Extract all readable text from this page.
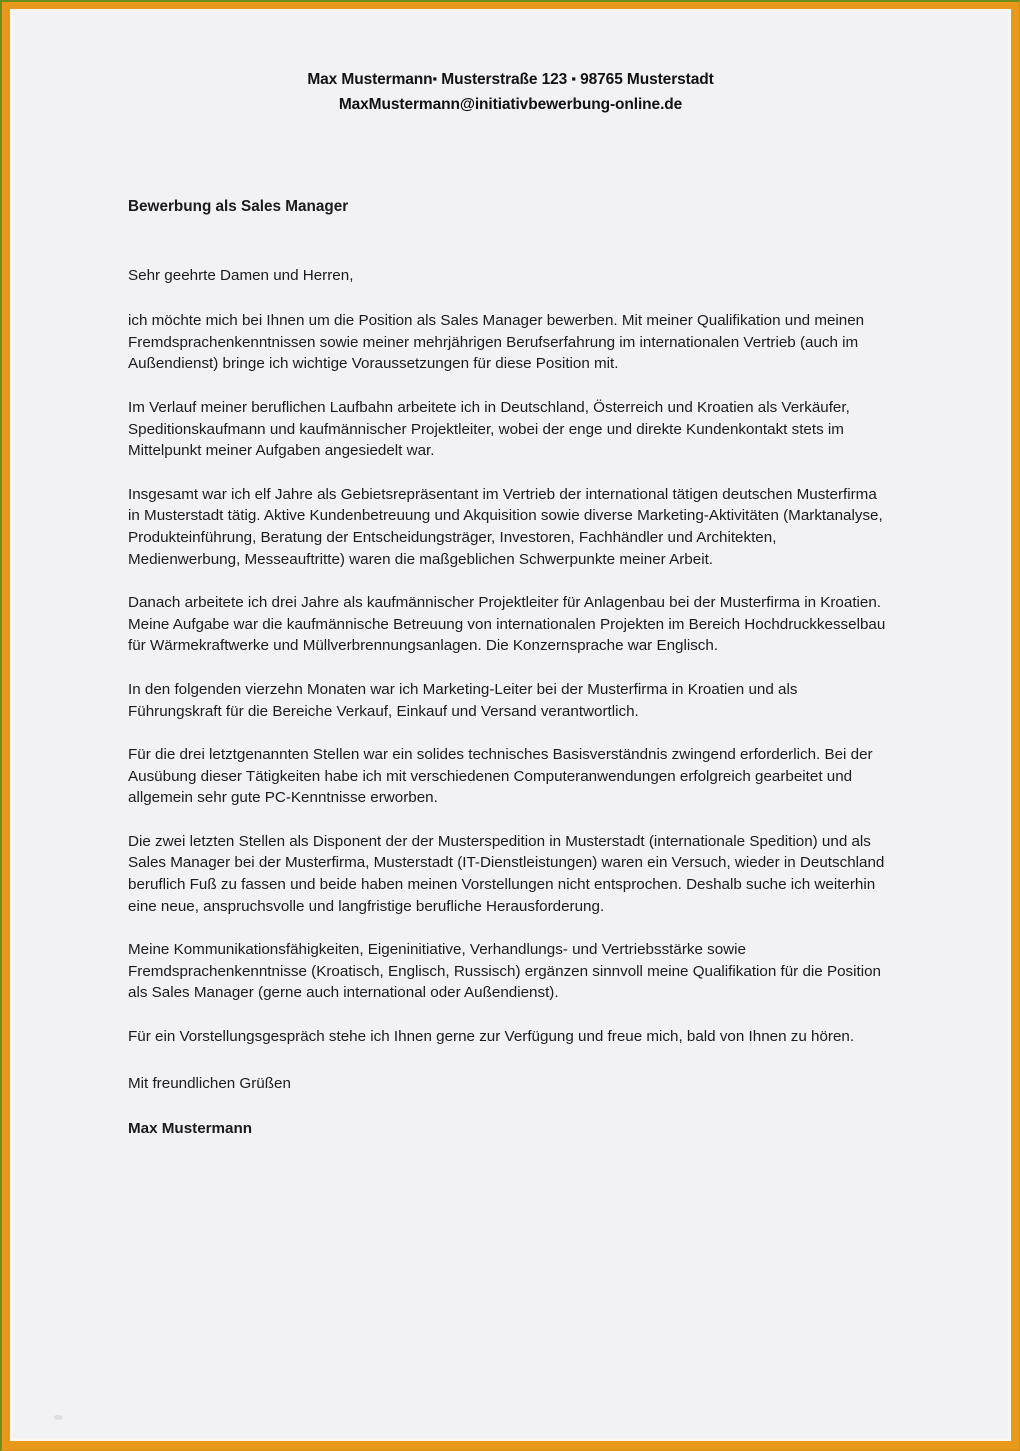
Max Mustermann▪ Musterstraße 123 ▪ 98765 Musterstadt
MaxMustermann@initiativbewerbung-online.de
Bewerbung als Sales Manager
Sehr geehrte Damen und Herren,

ich möchte mich bei Ihnen um die Position als Sales Manager bewerben. Mit meiner Qualifikation und meinen Fremdsprachenkenntnissen sowie meiner mehrjährigen Berufserfahrung im internationalen Vertrieb (auch im Außendienst) bringe ich wichtige Voraussetzungen für diese Position mit.

Im Verlauf meiner beruflichen Laufbahn arbeitete ich in Deutschland, Österreich und Kroatien als Verkäufer, Speditionskaufmann und kaufmännischer Projektleiter, wobei der enge und direkte Kundenkontakt stets im Mittelpunkt meiner Aufgaben angesiedelt war.

Insgesamt war ich elf Jahre als Gebietsrepräsentant im Vertrieb der international tätigen deutschen Musterfirma in Musterstadt tätig. Aktive Kundenbetreuung und Akquisition sowie diverse Marketing-Aktivitäten (Marktanalyse, Produkteinführung, Beratung der Entscheidungsträger, Investoren, Fachhändler und Architekten, Medienwerbung, Messeauftritte) waren die maßgeblichen Schwerpunkte meiner Arbeit.

Danach arbeitete ich drei Jahre als kaufmännischer Projektleiter für Anlagenbau bei der Musterfirma in Kroatien. Meine Aufgabe war die kaufmännische Betreuung von internationalen Projekten im Bereich Hochdruckkesselbau für Wärmekraftwerke und Müllverbrennungsanlagen. Die Konzernsprache war Englisch.

In den folgenden vierzehn Monaten war ich Marketing-Leiter bei der Musterfirma in Kroatien und als Führungskraft für die Bereiche Verkauf, Einkauf und Versand verantwortlich.

Für die drei letztgenannten Stellen war ein solides technisches Basisverständnis zwingend erforderlich. Bei der Ausübung dieser Tätigkeiten habe ich mit verschiedenen Computeranwendungen erfolgreich gearbeitet und allgemein sehr gute PC-Kenntnisse erworben.

Die zwei letzten Stellen als Disponent der der Musterspedition in Musterstadt (internationale Spedition) und als Sales Manager bei der Musterfirma, Musterstadt (IT-Dienstleistungen) waren ein Versuch, wieder in Deutschland beruflich Fuß zu fassen und beide haben meinen Vorstellungen nicht entsprochen. Deshalb suche ich weiterhin eine neue, anspruchsvolle und langfristige berufliche Herausforderung.

Meine Kommunikationsfähigkeiten, Eigeninitiative, Verhandlungs- und Vertriebsstärke sowie Fremdsprachenkenntnisse (Kroatisch, Englisch, Russisch) ergänzen sinnvoll meine Qualifikation für die Position als Sales Manager (gerne auch international oder Außendienst).

Für ein Vorstellungsgespräch stehe ich Ihnen gerne zur Verfügung und freue mich, bald von Ihnen zu hören.

Mit freundlichen Grüßen
Max Mustermann
